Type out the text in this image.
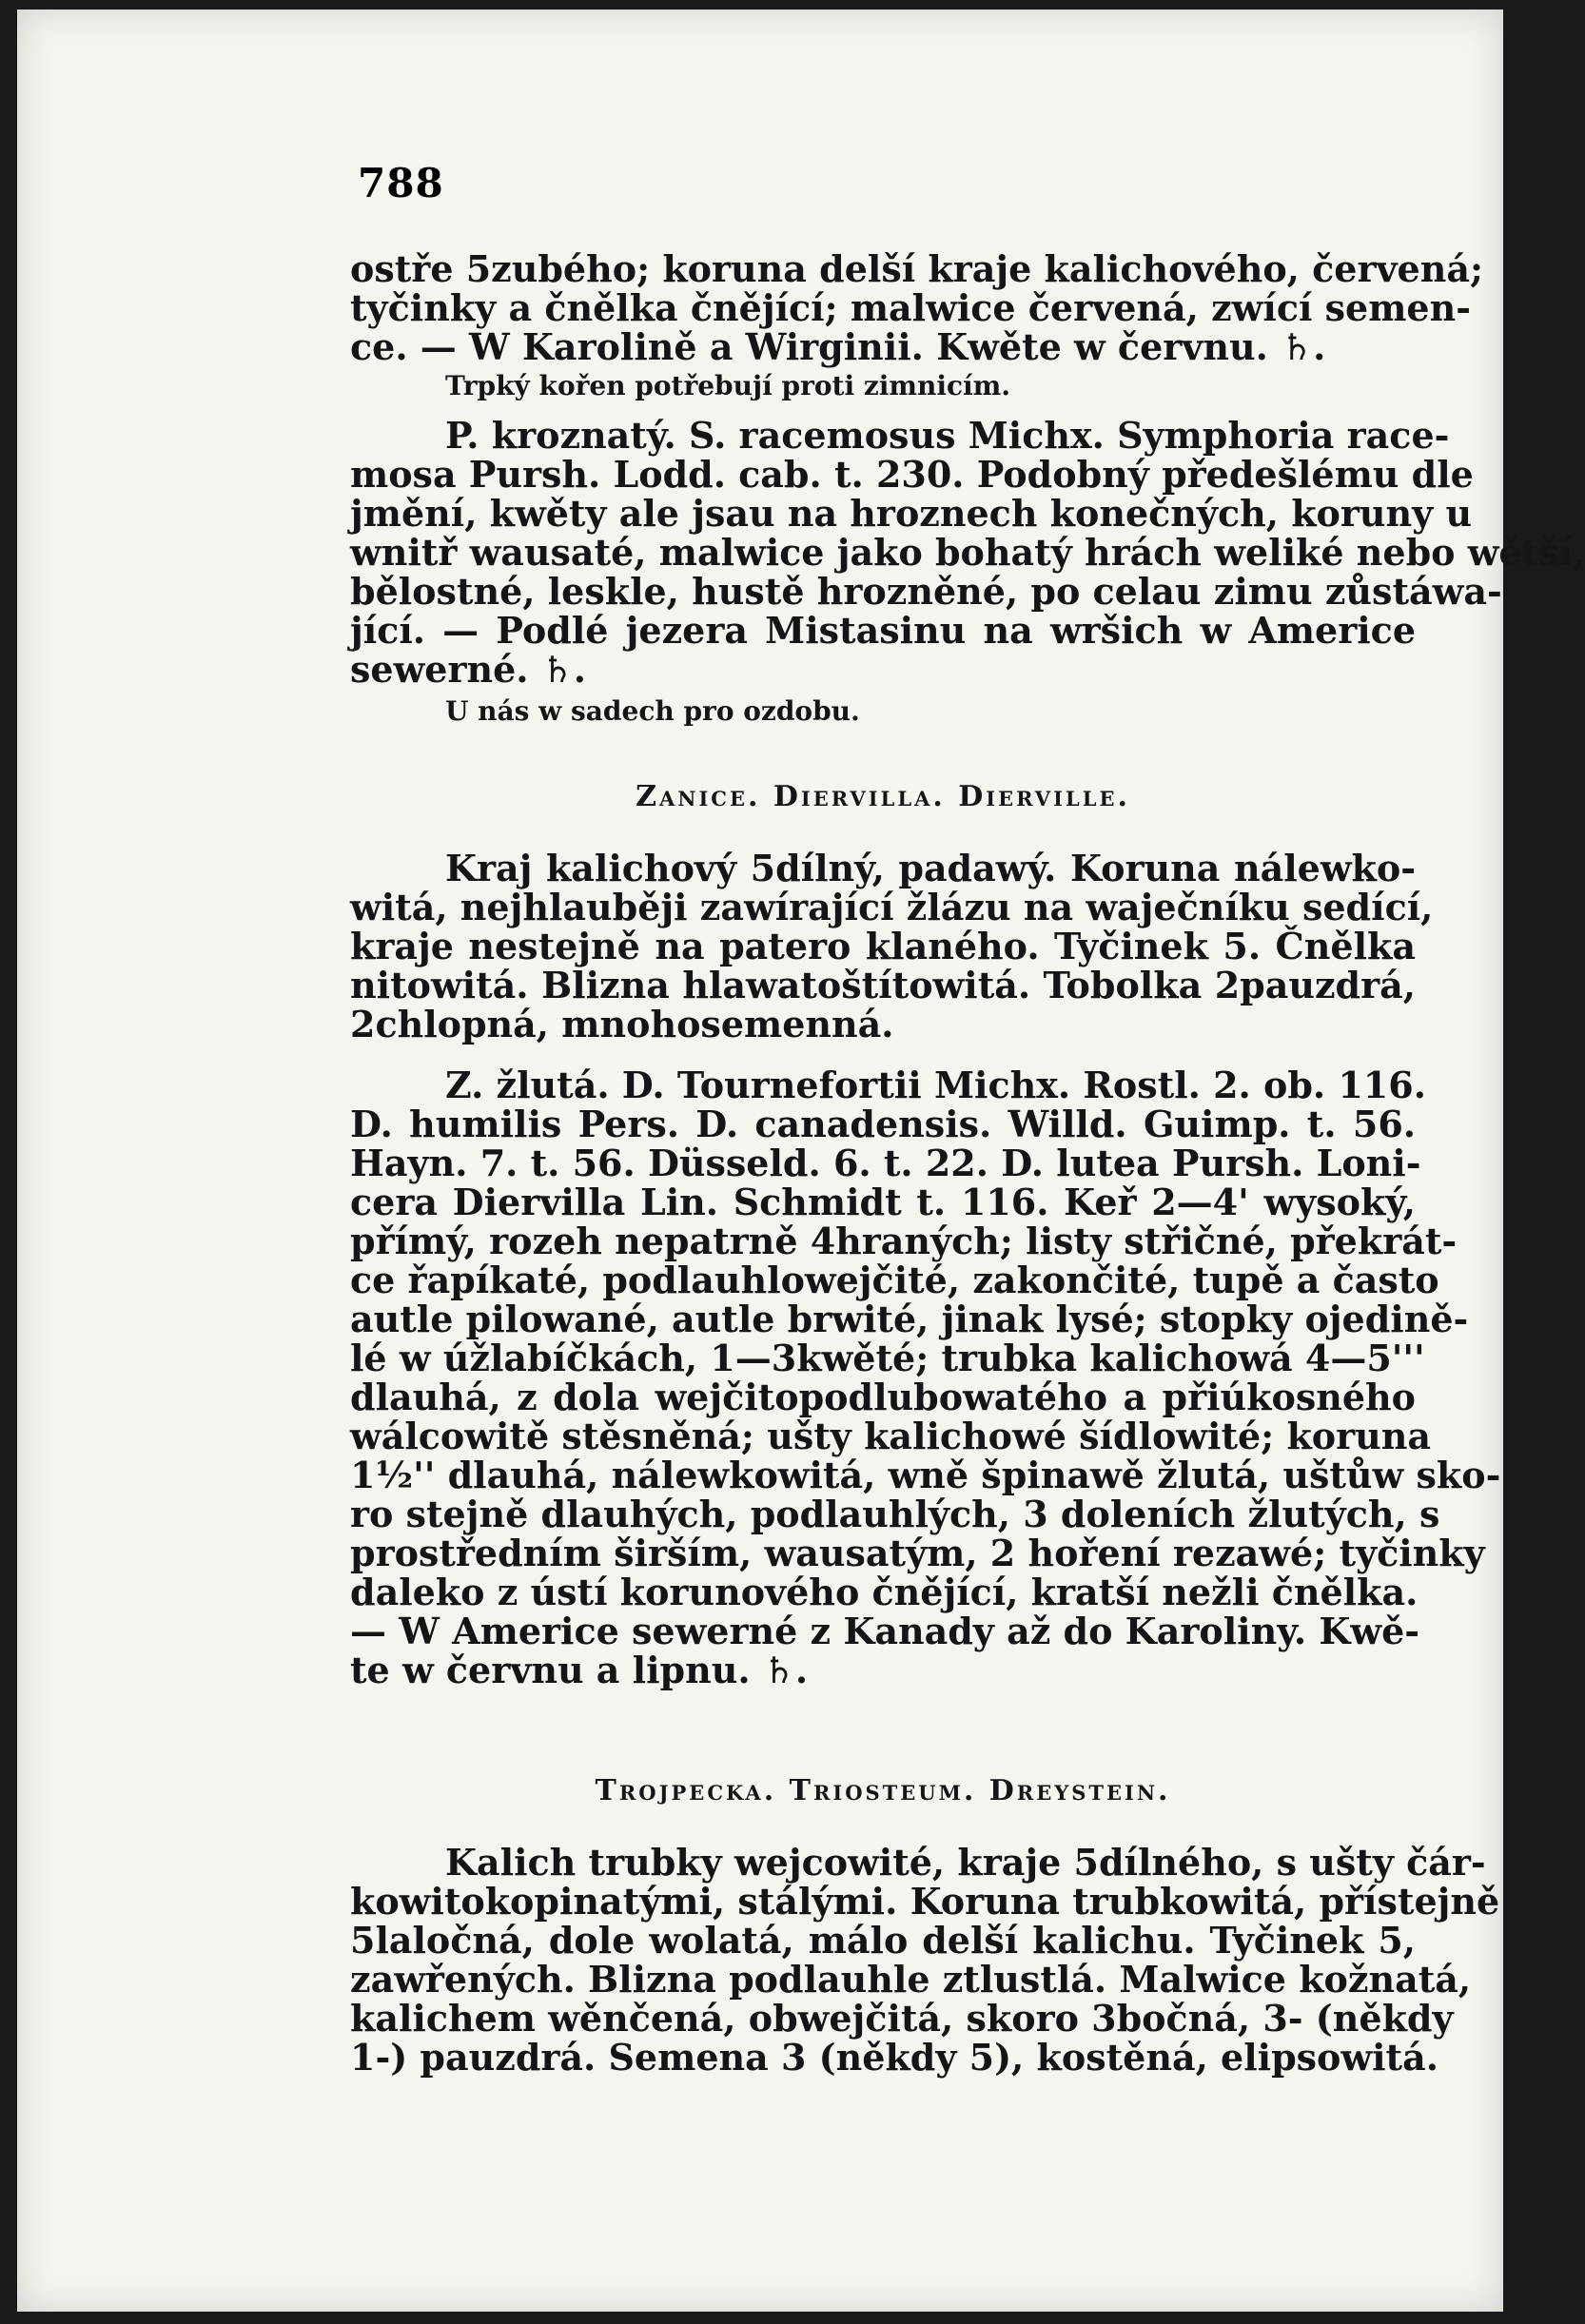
788
ostře 5zubého; koruna delší kraje kalichového, červená;
tyčinky a čnělka čnějící; malwice červená, zwící semen-
ce. — W Karolině a Wirginii. Kwěte w červnu. ♄.
Trpký kořen potřebují proti zimnicím.
P. kroznatý. S. racemosus Michx. Symphoria race-
mosa Pursh. Lodd. cab. t. 230. Podobný předešlému dle
jmění, kwěty ale jsau na hroznech konečných, koruny u
wnitř wausaté, malwice jako bohatý hrách weliké nebo wětší,
bělostné, leskle, hustě hrozněné, po celau zimu zůstáwa-
jící. — Podlé jezera Mistasinu na wršich w Americe
sewerné. ♄.
U nás w sadech pro ozdobu.
Zanice. Diervilla. Dierville.
Kraj kalichový 5dílný, padawý. Koruna nálewko-
witá, nejhlauběji zawírající žlázu na waječníku sedící,
kraje nestejně na patero klaného. Tyčinek 5. Čnělka
nitowitá. Blizna hlawatoštítowitá. Tobolka 2pauzdrá,
2chlopná, mnohosemenná.
Z. žlutá. D. Tournefortii Michx. Rostl. 2. ob. 116.
D. humilis Pers. D. canadensis. Willd. Guimp. t. 56.
Hayn. 7. t. 56. Düsseld. 6. t. 22. D. lutea Pursh. Loni-
cera Diervilla Lin. Schmidt t. 116. Keř 2—4' wysoký,
přímý, rozeh nepatrně 4hraných; listy střičné, překrát-
ce řapíkaté, podlauhlowejčité, zakončité, tupě a často
autle pilowané, autle brwité, jinak lysé; stopky ojedině-
lé w úžlabíčkách, 1—3kwěté; trubka kalichowá 4—5'''
dlauhá, z dola wejčitopodlubowatého a přiúkosného
wálcowitě stěsněná; ušty kalichowé šídlowité; koruna
1½'' dlauhá, nálewkowitá, wně špinawě žlutá, uštůw sko-
ro stejně dlauhých, podlauhlých, 3 doleních žlutých, s
prostředním širším, wausatým, 2 hoření rezawé; tyčinky
daleko z ústí korunového čnějící, kratší nežli čnělka.
— W Americe sewerné z Kanady až do Karoliny. Kwě-
te w červnu a lipnu. ♄.
Trojpecka. Triosteum. Dreystein.
Kalich trubky wejcowité, kraje 5dílného, s ušty čár-
kowitokopinatými, stálými. Koruna trubkowitá, přístejně
5laločná, dole wolatá, málo delší kalichu. Tyčinek 5,
zawřených. Blizna podlauhle ztlustlá. Malwice kožnatá,
kalichem wěnčená, obwejčitá, skoro 3bočná, 3- (někdy
1-) pauzdrá. Semena 3 (někdy 5), kostěná, elipsowitá.
